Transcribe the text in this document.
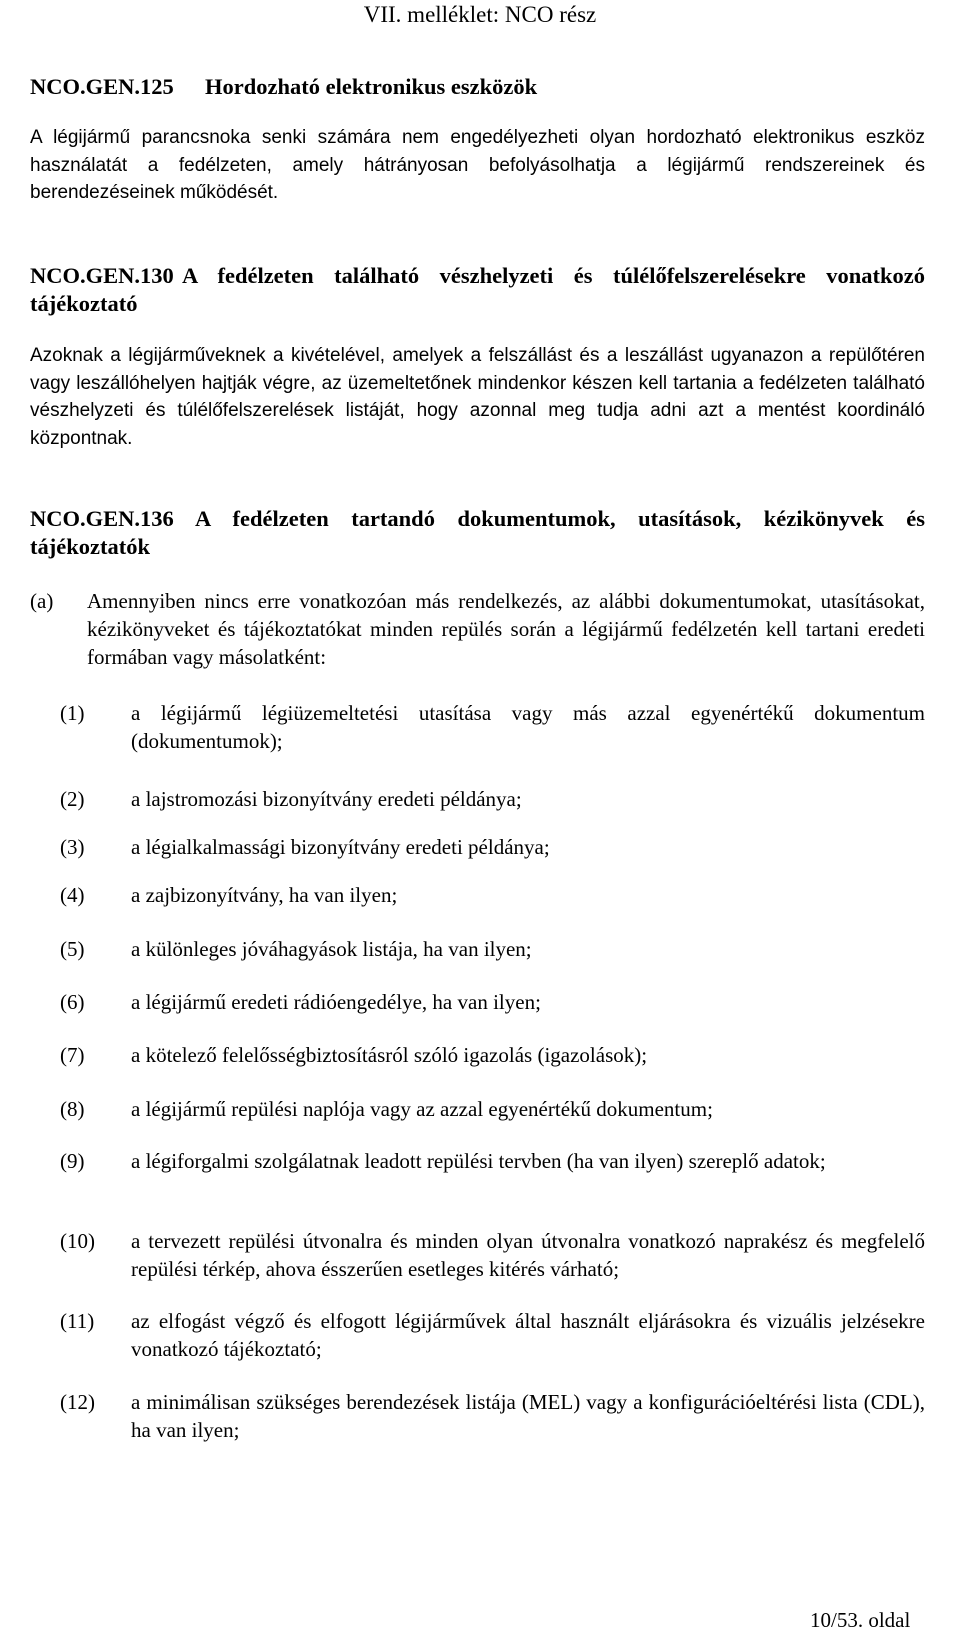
VII. melléklet: NCO rész
NCO.GEN.125 Hordozható elektronikus eszközök
A légijármű parancsnoka senki számára nem engedélyezheti olyan hordozható elektronikus eszköz használatát a fedélzeten, amely hátrányosan befolyásolhatja a légijármű rendszereinek és berendezéseinek működését.
NCO.GEN.130 A fedélzeten található vészhelyzeti és túlélőfelszerelésekre vonatkozó
tájékoztató
Azoknak a légijárműveknek a kivételével, amelyek a felszállást és a leszállást ugyanazon a repülőtéren vagy leszállóhelyen hajtják végre, az üzemeltetőnek mindenkor készen kell tartania a fedélzeten található vészhelyzeti és túlélőfelszerelések listáját, hogy azonnal meg tudja adni azt a mentést koordináló központnak.
NCO.GEN.136 A fedélzeten tartandó dokumentumok, utasítások, kézikönyvek és
tájékoztatók
(a) Amennyiben nincs erre vonatkozóan más rendelkezés, az alábbi dokumentumokat, utasításokat, kézikönyveket és tájékoztatókat minden repülés során a légijármű fedélzetén kell tartani eredeti formában vagy másolatként:
(1) a légijármű légiüzemeltetési utasítása vagy más azzal egyenértékű dokumentum (dokumentumok);
(2) a lajstromozási bizonyítvány eredeti példánya;
(3) a légialkalmassági bizonyítvány eredeti példánya;
(4) a zajbizonyítvány, ha van ilyen;
(5) a különleges jóváhagyások listája, ha van ilyen;
(6) a légijármű eredeti rádióengedélye, ha van ilyen;
(7) a kötelező felelősségbiztosításról szóló igazolás (igazolások);
(8) a légijármű repülési naplója vagy az azzal egyenértékű dokumentum;
(9) a légiforgalmi szolgálatnak leadott repülési tervben (ha van ilyen) szereplő adatok;
(10) a tervezett repülési útvonalra és minden olyan útvonalra vonatkozó naprakész és megfelelő repülési térkép, ahova ésszerűen esetleges kitérés várható;
(11) az elfogást végző és elfogott légijárművek által használt eljárásokra és vizuális jelzésekre vonatkozó tájékoztató;
(12) a minimálisan szükséges berendezések listája (MEL) vagy a konfigurációeltérési lista (CDL), ha van ilyen;
10/53. oldal
